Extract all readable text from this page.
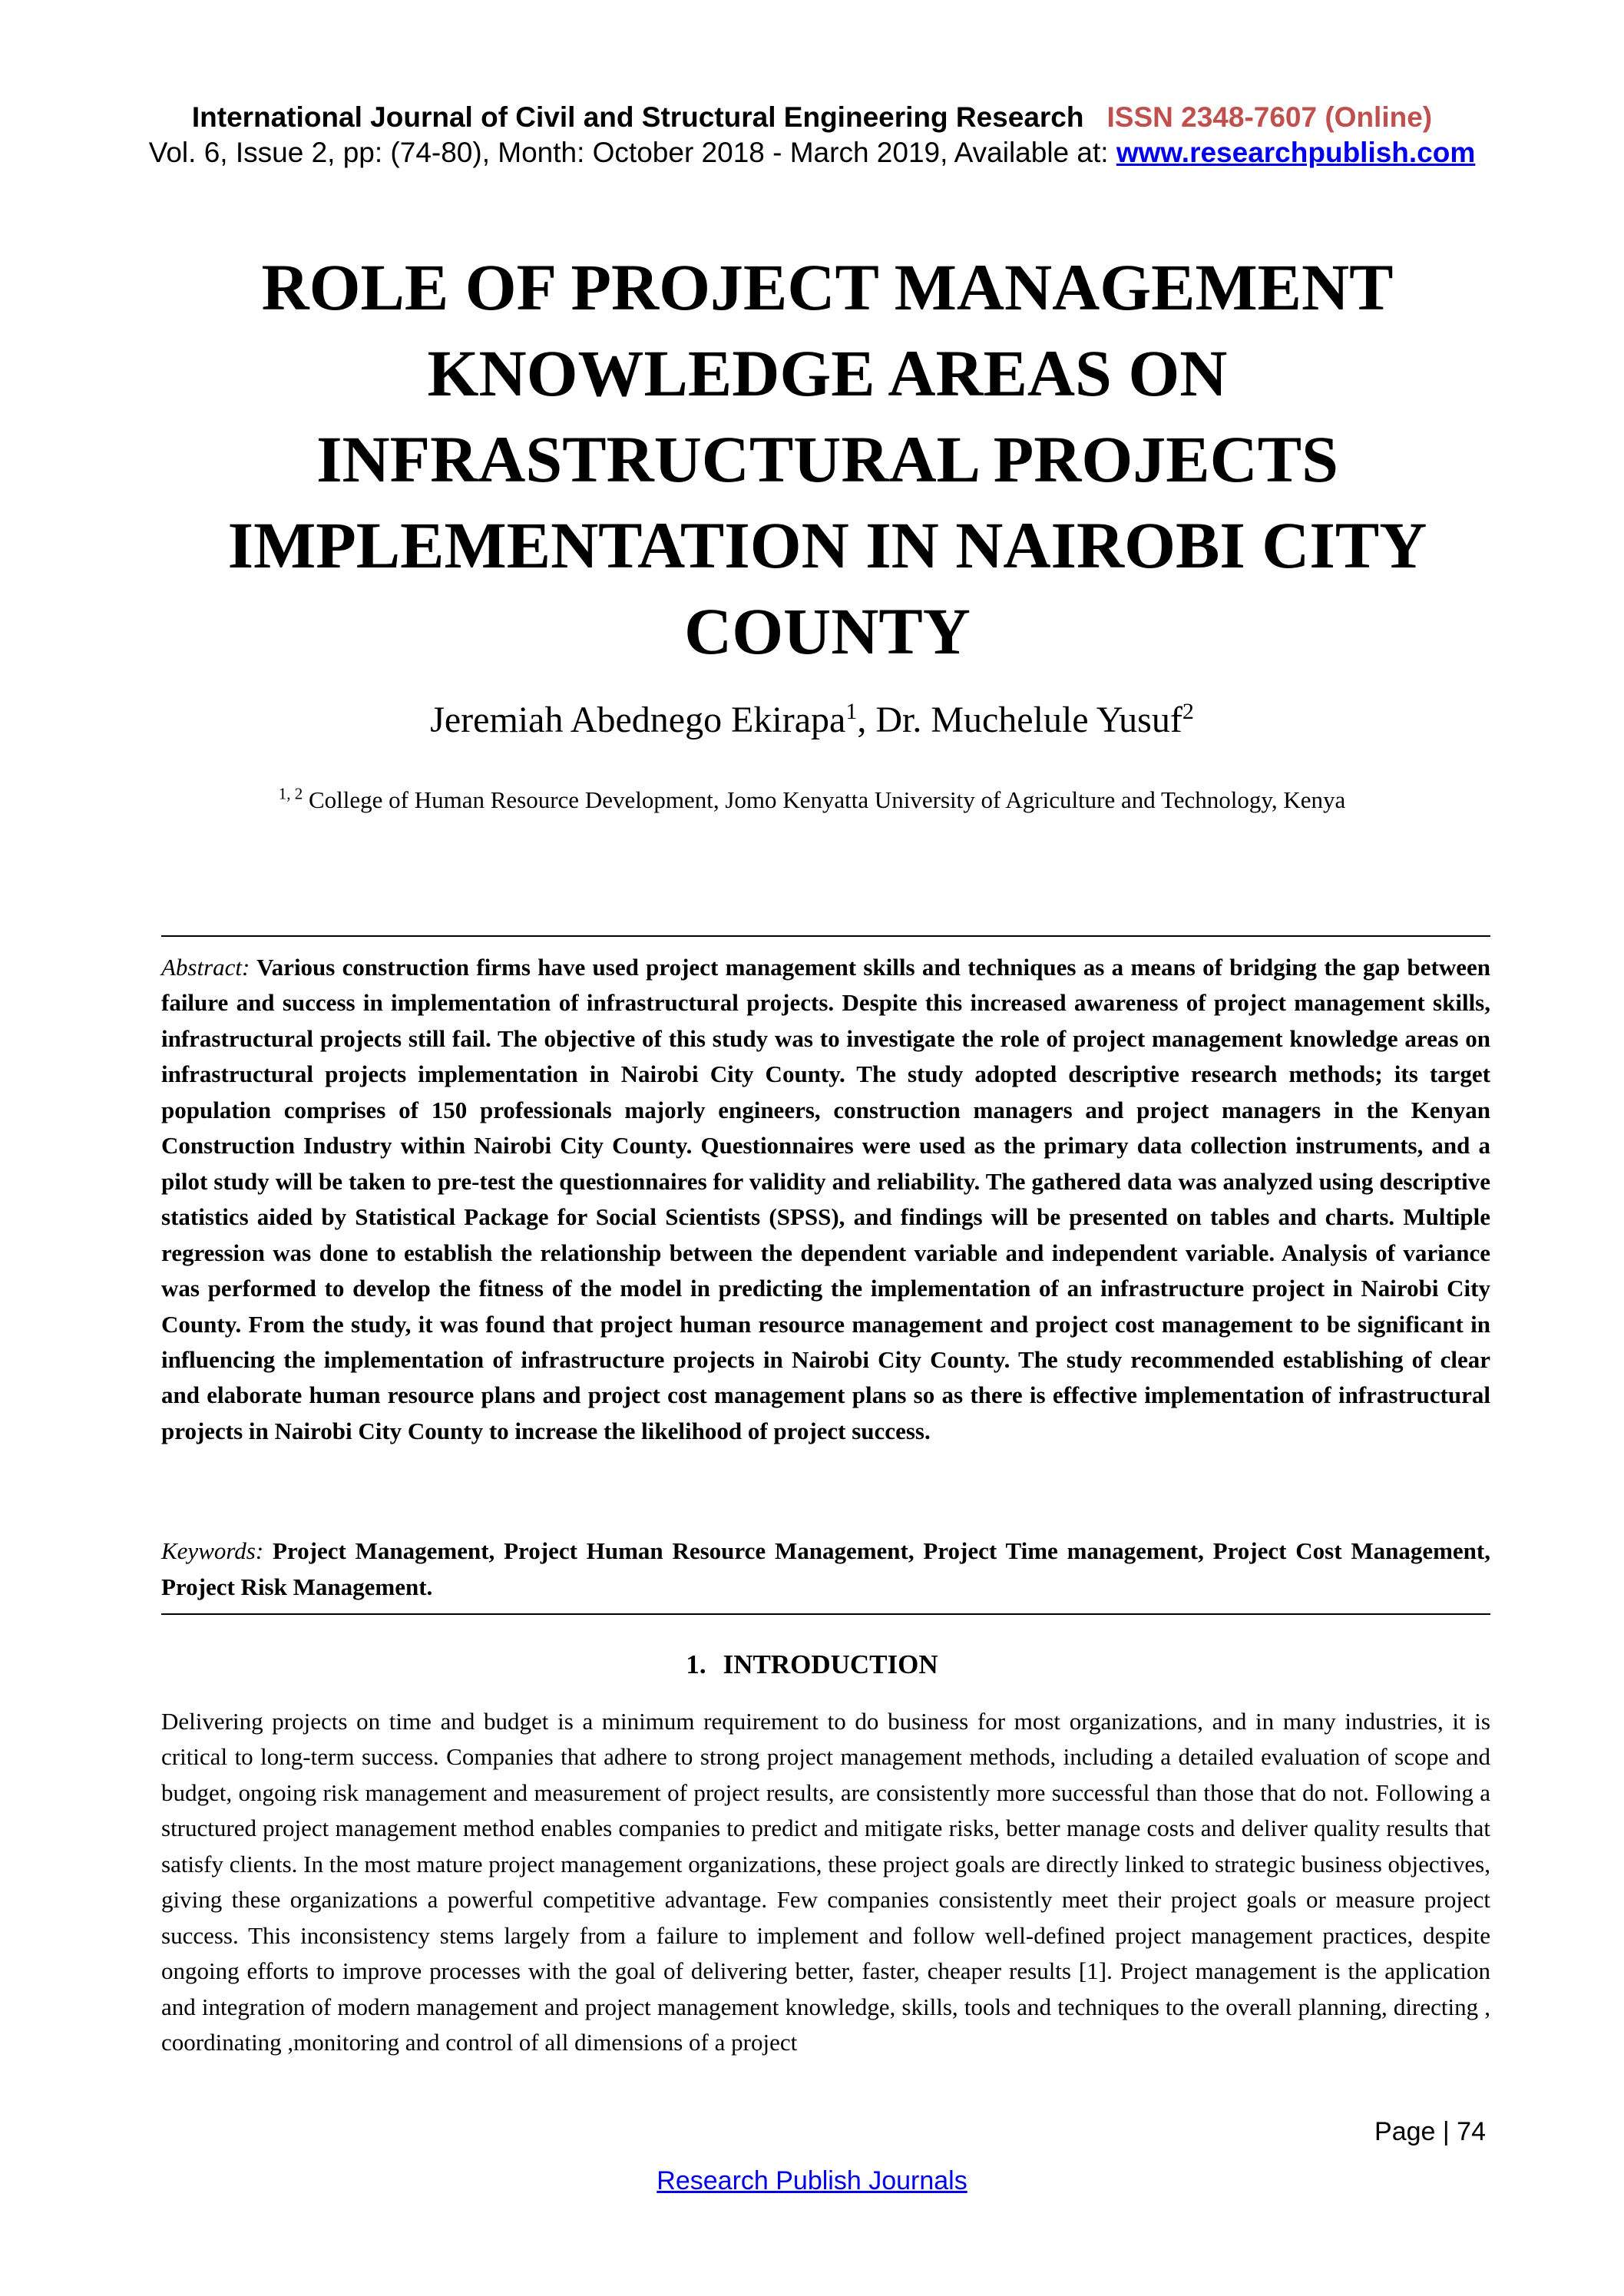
International Journal of Civil and Structural Engineering Research ISSN 2348-7607 (Online)
Vol. 6, Issue 2, pp: (74-80), Month: October 2018 - March 2019, Available at: www.researchpublish.com
ROLE OF PROJECT MANAGEMENT KNOWLEDGE AREAS ON INFRASTRUCTURAL PROJECTS IMPLEMENTATION IN NAIROBI CITY COUNTY
Jeremiah Abednego Ekirapa$^1$, Dr. Muchelule Yusuf$^2$
$^{1, 2}$ College of Human Resource Development, Jomo Kenyatta University of Agriculture and Technology, Kenya
Abstract: Various construction firms have used project management skills and techniques as a means of bridging the gap between failure and success in implementation of infrastructural projects. Despite this increased awareness of project management skills, infrastructural projects still fail. The objective of this study was to investigate the role of project management knowledge areas on infrastructural projects implementation in Nairobi City County. The study adopted descriptive research methods; its target population comprises of 150 professionals majorly engineers, construction managers and project managers in the Kenyan Construction Industry within Nairobi City County. Questionnaires were used as the primary data collection instruments, and a pilot study will be taken to pre-test the questionnaires for validity and reliability. The gathered data was analyzed using descriptive statistics aided by Statistical Package for Social Scientists (SPSS), and findings will be presented on tables and charts. Multiple regression was done to establish the relationship between the dependent variable and independent variable. Analysis of variance was performed to develop the fitness of the model in predicting the implementation of an infrastructure project in Nairobi City County. From the study, it was found that project human resource management and project cost management to be significant in influencing the implementation of infrastructure projects in Nairobi City County. The study recommended establishing of clear and elaborate human resource plans and project cost management plans so as there is effective implementation of infrastructural projects in Nairobi City County to increase the likelihood of project success.
Keywords: Project Management, Project Human Resource Management, Project Time management, Project Cost Management, Project Risk Management.
1. INTRODUCTION
Delivering projects on time and budget is a minimum requirement to do business for most organizations, and in many industries, it is critical to long-term success. Companies that adhere to strong project management methods, including a detailed evaluation of scope and budget, ongoing risk management and measurement of project results, are consistently more successful than those that do not. Following a structured project management method enables companies to predict and mitigate risks, better manage costs and deliver quality results that satisfy clients. In the most mature project management organizations, these project goals are directly linked to strategic business objectives, giving these organizations a powerful competitive advantage. Few companies consistently meet their project goals or measure project success. This inconsistency stems largely from a failure to implement and follow well-defined project management practices, despite ongoing efforts to improve processes with the goal of delivering better, faster, cheaper results [1]. Project management is the application and integration of modern management and project management knowledge, skills, tools and techniques to the overall planning, directing , coordinating ,monitoring and control of all dimensions of a project
Page | 74
Research Publish Journals
